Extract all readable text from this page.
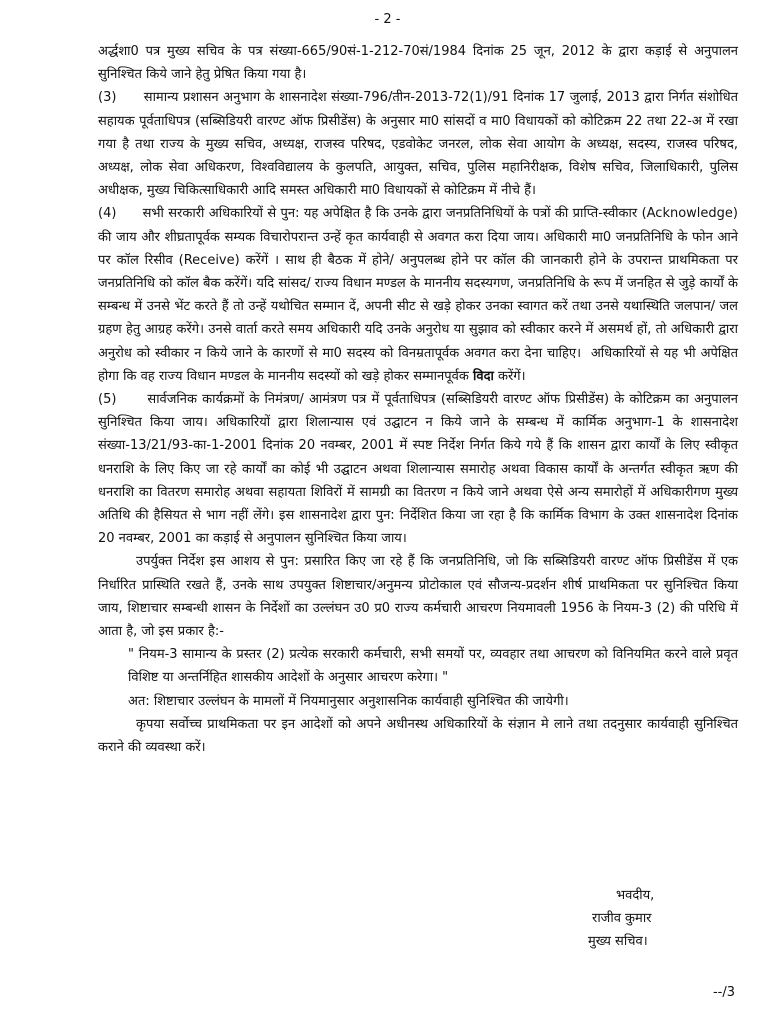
- 2 -

अर्द्धशा0 पत्र मुख्य सचिव के पत्र संख्या-665/90सं-1-212-70सं/1984 दिनांक 25 जून, 2012 के द्वारा कड़ाई से अनुपालन सुनिश्चित किये जाने हेतु प्रेषित किया गया है।

(3)      सामान्य प्रशासन अनुभाग के शासनादेश संख्या-796/तीन-2013-72(1)/91 दिनांक 17 जुलाई, 2013 द्वारा निर्गत संशोधित सहायक पूर्वताधिपत्र (सब्सिडियरी वारण्ट ऑफ प्रिसीडेंस) के अनुसार मा0 सांसदों व मा0 विधायकों को कोटिक्रम 22 तथा 22-अ में रखा गया है तथा राज्य के मुख्य सचिव, अध्यक्ष, राजस्व परिषद, एडवोकेट जनरल, लोक सेवा आयोग के अध्यक्ष, सदस्य, राजस्व परिषद, अध्यक्ष, लोक सेवा अधिकरण, विश्वविद्यालय के कुलपति, आयुक्त, सचिव, पुलिस महानिरीक्षक, विशेष सचिव, जिलाधिकारी, पुलिस अधीक्षक, मुख्य चिकित्साधिकारी आदि समस्त अधिकारी मा0 विधायकों से कोटिक्रम में नीचे हैं।

(4)      सभी सरकारी अधिकारियों से पुन: यह अपेक्षित है कि उनके द्वारा जनप्रतिनिधियों के पत्रों की प्राप्ति-स्वीकार (Acknowledge) की जाय और शीघ्रतापूर्वक सम्यक विचारोपरान्त उन्हें कृत कार्यवाही से अवगत करा दिया जाय। अधिकारी मा0 जनप्रतिनिधि के फोन आने पर कॉल रिसीव (Receive) करेंगें । साथ ही बैठक में होने/ अनुपलब्ध होने पर कॉल की जानकारी होने के उपरान्त प्राथमिकता पर जनप्रतिनिधि को कॉल बैक करेंगें। यदि सांसद/ राज्य विधान मण्डल के माननीय सदस्यगण, जनप्रतिनिधि के रूप में जनहित से जुड़े कार्यों के सम्बन्ध में उनसे भेंट करते हैं तो उन्हें यथोचित सम्मान दें, अपनी सीट से खड़े होकर उनका स्वागत करें तथा उनसे यथास्थिति जलपान/ जल ग्रहण हेतु आग्रह करेंगे। उनसे वार्ता करते समय अधिकारी यदि उनके अनुरोध या सुझाव को स्वीकार करने में असमर्थ हों, तो अधिकारी द्वारा अनुरोध को स्वीकार न किये जाने के कारणों से मा0 सदस्य को विनम्रतापूर्वक अवगत करा देना चाहिए।  अधिकारियों से यह भी अपेक्षित होगा कि वह राज्य विधान मण्डल के माननीय सदस्यों को खड़े होकर सम्मानपूर्वक विदा करेंगें।

(5)      सार्वजनिक कार्यक्रमों के निमंत्रण/ आमंत्रण पत्र में पूर्वताधिपत्र (सब्सिडियरी वारण्ट ऑफ प्रिसीडेंस) के कोटिक्रम का अनुपालन सुनिश्चित किया जाय। अधिकारियों द्वारा शिलान्यास एवं उद्घाटन न किये जाने के सम्बन्ध में कार्मिक अनुभाग-1 के शासनादेश संख्या-13/21/93-का-1-2001 दिनांक 20 नवम्बर, 2001 में स्पष्ट निर्देश निर्गत किये गये हैं कि शासन द्वारा कार्यों के लिए स्वीकृत धनराशि के लिए किए जा रहे कार्यों का कोई भी उद्घाटन अथवा शिलान्यास समारोह अथवा विकास कार्यों के अन्तर्गत स्वीकृत ऋण की धनराशि का वितरण समारोह अथवा सहायता शिविरों में सामग्री का वितरण न किये जाने अथवा ऐसे अन्य समारोहों में अधिकारीगण मुख्य अतिथि की हैसियत से भाग नहीं लेंगे। इस शासनादेश द्वारा पुन: निर्देशित किया जा रहा है कि कार्मिक विभाग के उक्त शासनादेश दिनांक 20 नवम्बर, 2001 का कड़ाई से अनुपालन सुनिश्चित किया जाय।

उपर्युक्त निर्देश इस आशय से पुन: प्रसारित किए जा रहे हैं कि जनप्रतिनिधि, जो कि सब्सिडियरी वारण्ट ऑफ प्रिसीडेंस में एक निर्धारित प्रास्थिति रखते हैं, उनके साथ उपयुक्त शिष्टाचार/अनुमन्य प्रोटोकाल एवं सौजन्य-प्रदर्शन शीर्ष प्राथमिकता पर सुनिश्चित किया जाय, शिष्टाचार सम्बन्धी शासन के निर्देशों का उल्लंघन उ0 प्र0 राज्य कर्मचारी आचरण नियमावली 1956 के नियम-3 (2) की परिधि में आता है, जो इस प्रकार है:-

" नियम-3 सामान्य के प्रस्तर (2) प्रत्येक सरकारी कर्मचारी, सभी समयों पर, व्यवहार तथा आचरण को विनियमित करने वाले प्रवृत विशिष्ट या अन्तर्निहित शासकीय आदेशों के अनुसार आचरण करेगा। "

अत: शिष्टाचार उल्लंघन के मामलों में नियमानुसार अनुशासनिक कार्यवाही सुनिश्चित की जायेगी।

कृपया सर्वोच्च प्राथमिकता पर इन आदेशों को अपने अधीनस्थ अधिकारियों के संज्ञान मे लाने तथा तदनुसार कार्यवाही सुनिश्चित कराने की व्यवस्था करें।

भवदीय,
राजीव कुमार
मुख्य सचिव।
--/3
